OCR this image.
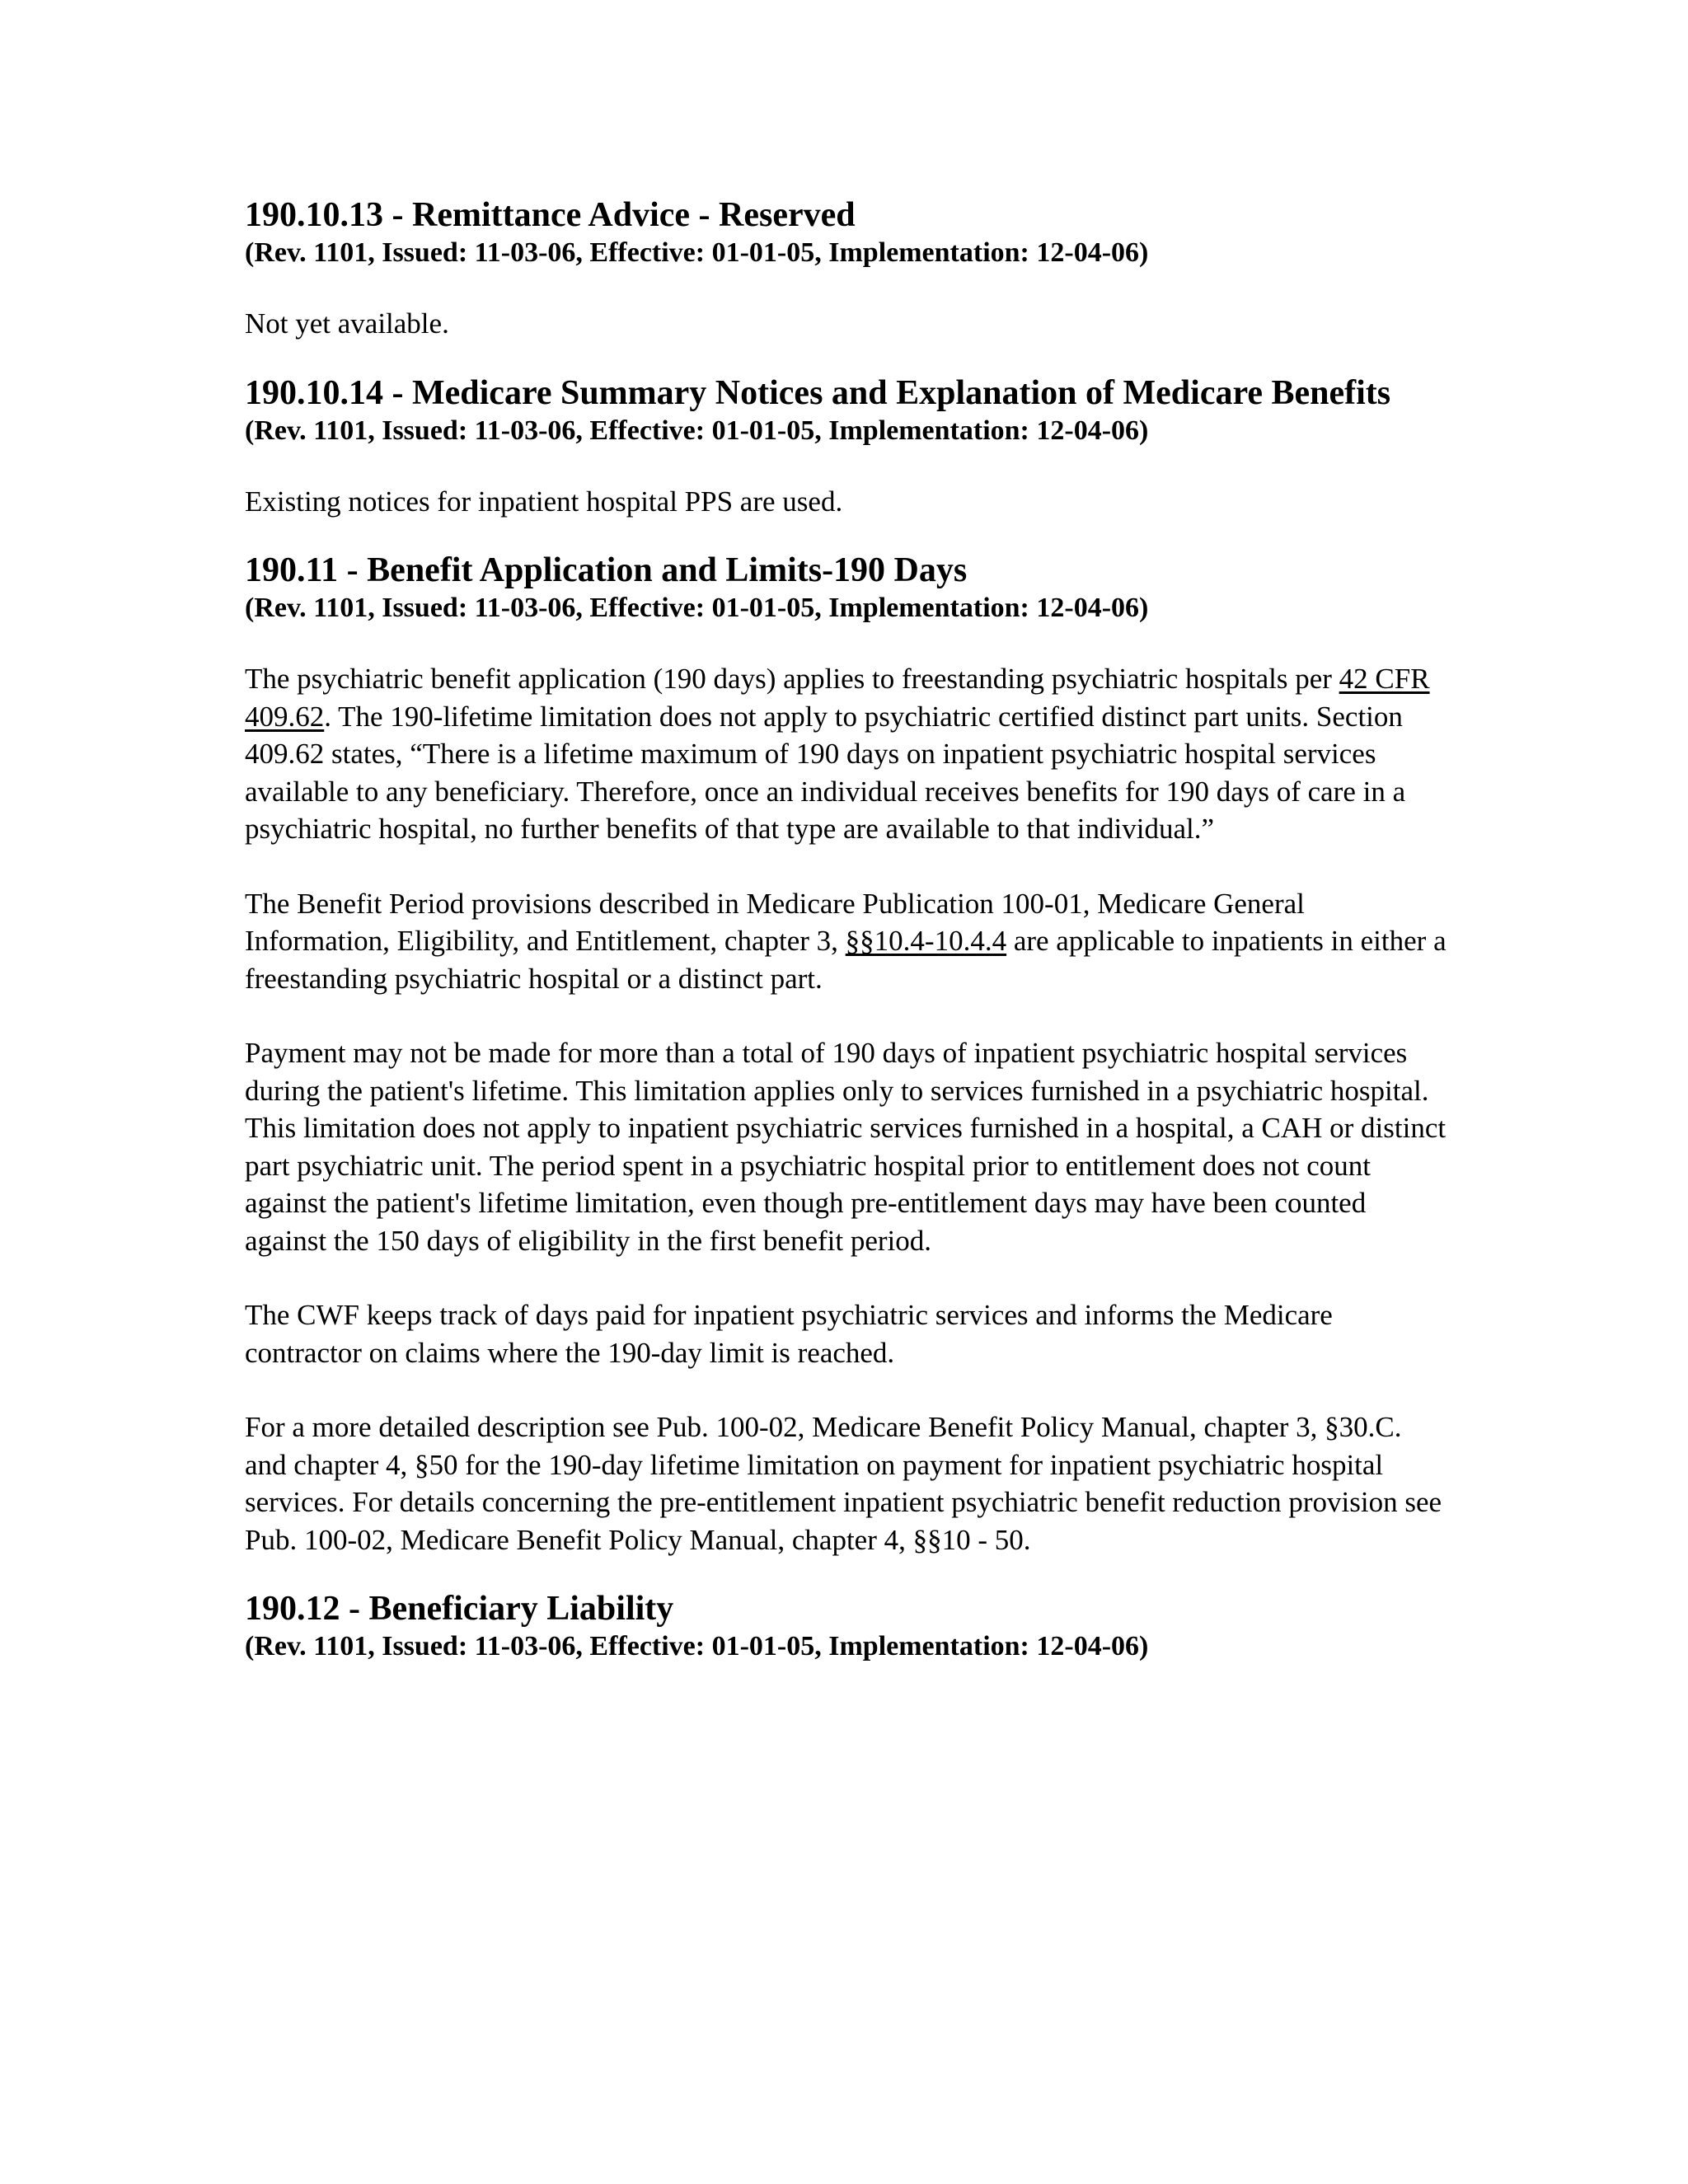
190.10.13 - Remittance Advice - Reserved
(Rev. 1101, Issued: 11-03-06, Effective: 01-01-05, Implementation: 12-04-06)

Not yet available.

190.10.14 - Medicare Summary Notices and Explanation of Medicare Benefits
(Rev. 1101, Issued: 11-03-06, Effective: 01-01-05, Implementation: 12-04-06)

Existing notices for inpatient hospital PPS are used.

190.11 - Benefit Application and Limits-190 Days
(Rev. 1101, Issued: 11-03-06, Effective: 01-01-05, Implementation: 12-04-06)

The psychiatric benefit application (190 days) applies to freestanding psychiatric hospitals per 42 CFR 409.62. The 190-lifetime limitation does not apply to psychiatric certified distinct part units. Section 409.62 states, “There is a lifetime maximum of 190 days on inpatient psychiatric hospital services available to any beneficiary. Therefore, once an individual receives benefits for 190 days of care in a psychiatric hospital, no further benefits of that type are available to that individual.”

The Benefit Period provisions described in Medicare Publication 100-01, Medicare General Information, Eligibility, and Entitlement, chapter 3, §§10.4-10.4.4 are applicable to inpatients in either a freestanding psychiatric hospital or a distinct part.

Payment may not be made for more than a total of 190 days of inpatient psychiatric hospital services during the patient's lifetime. This limitation applies only to services furnished in a psychiatric hospital. This limitation does not apply to inpatient psychiatric services furnished in a hospital, a CAH or distinct part psychiatric unit. The period spent in a psychiatric hospital prior to entitlement does not count against the patient's lifetime limitation, even though pre-entitlement days may have been counted against the 150 days of eligibility in the first benefit period.

The CWF keeps track of days paid for inpatient psychiatric services and informs the Medicare contractor on claims where the 190-day limit is reached.

For a more detailed description see Pub. 100-02, Medicare Benefit Policy Manual, chapter 3, §30.C. and chapter 4, §50 for the 190-day lifetime limitation on payment for inpatient psychiatric hospital services. For details concerning the pre-entitlement inpatient psychiatric benefit reduction provision see Pub. 100-02, Medicare Benefit Policy Manual, chapter 4, §§10 - 50.

190.12 - Beneficiary Liability
(Rev. 1101, Issued: 11-03-06, Effective: 01-01-05, Implementation: 12-04-06)
